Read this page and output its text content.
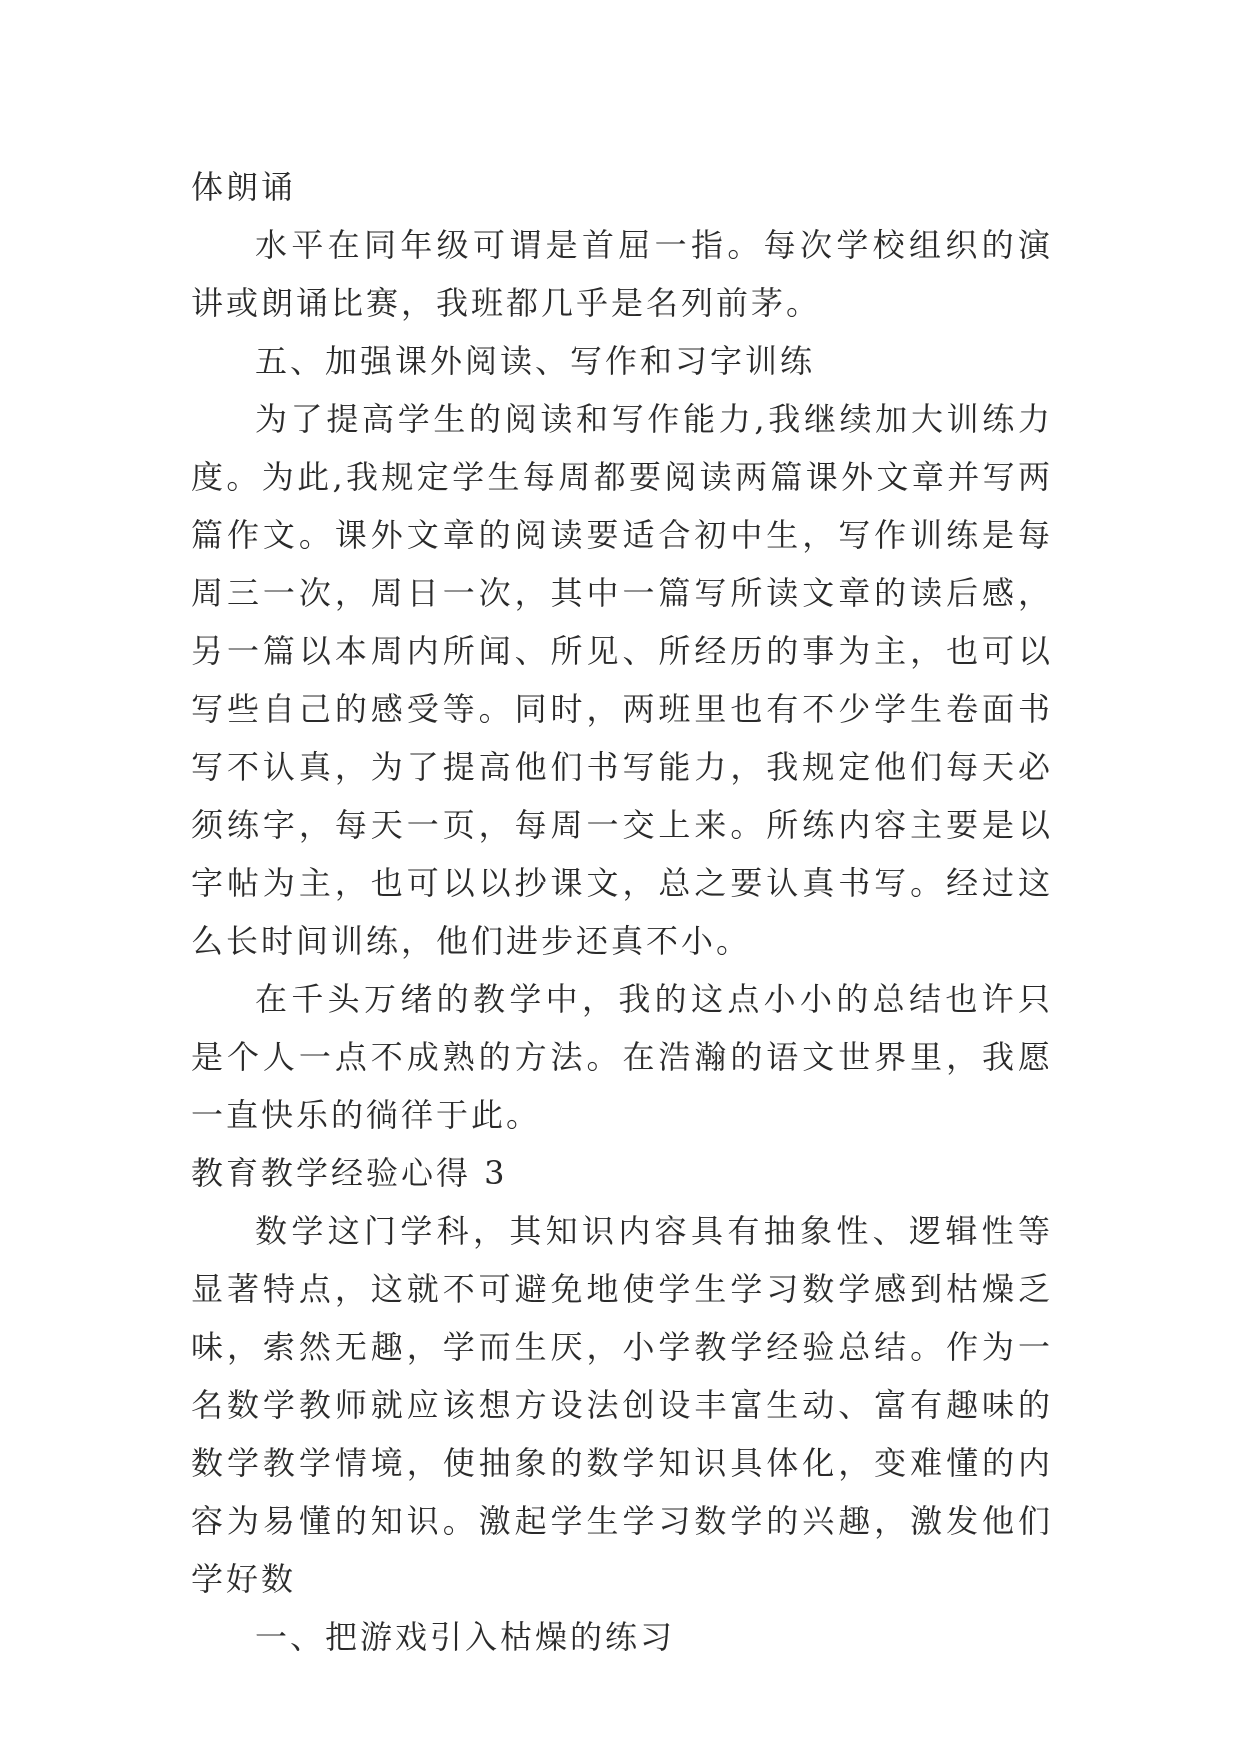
体朗诵

水平在同年级可谓是首屈一指。每次学校组织的演讲或朗诵比赛，我班都几乎是名列前茅。

五、加强课外阅读、写作和习字训练

为了提高学生的阅读和写作能力,我继续加大训练力度。为此,我规定学生每周都要阅读两篇课外文章并写两篇作文。课外文章的阅读要适合初中生，写作训练是每周三一次，周日一次，其中一篇写所读文章的读后感，另一篇以本周内所闻、所见、所经历的事为主，也可以写些自己的感受等。同时，两班里也有不少学生卷面书写不认真，为了提高他们书写能力，我规定他们每天必须练字，每天一页，每周一交上来。所练内容主要是以字帖为主，也可以以抄课文，总之要认真书写。经过这么长时间训练，他们进步还真不小。

在千头万绪的教学中，我的这点小小的总结也许只是个人一点不成熟的方法。在浩瀚的语文世界里，我愿一直快乐的徜徉于此。

教育教学经验心得 3

数学这门学科，其知识内容具有抽象性、逻辑性等显著特点，这就不可避免地使学生学习数学感到枯燥乏味，索然无趣，学而生厌，小学教学经验总结。作为一名数学教师就应该想方设法创设丰富生动、富有趣味的数学教学情境，使抽象的数学知识具体化，变难懂的内容为易懂的知识。激起学生学习数学的兴趣，激发他们学好数

一、把游戏引入枯燥的练习
